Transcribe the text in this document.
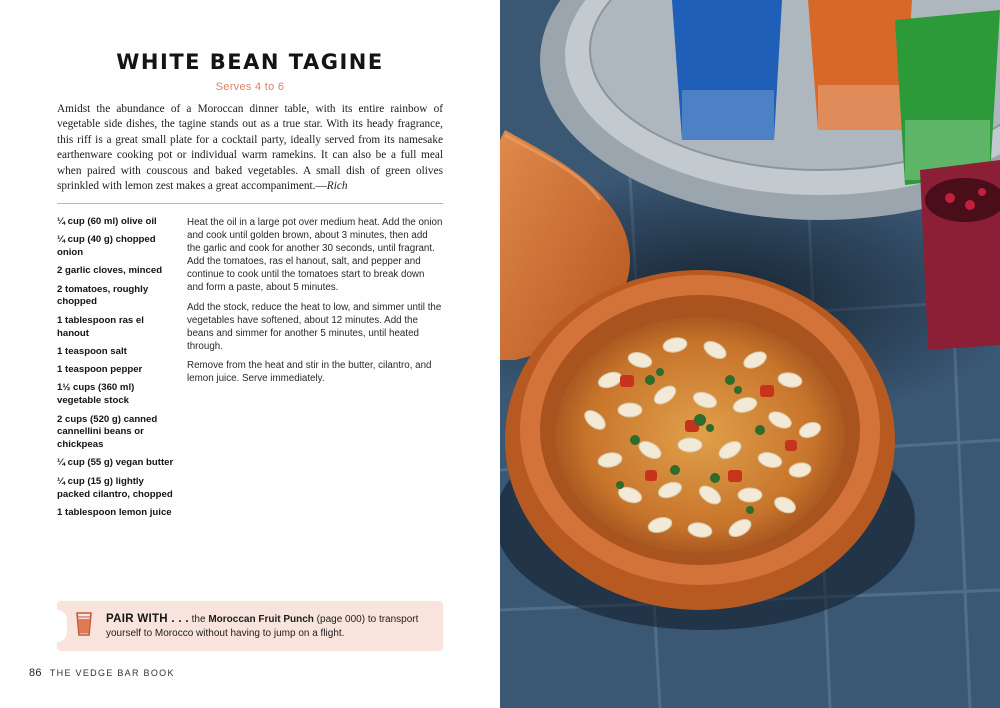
WHITE BEAN TAGINE
Serves 4 to 6

Amidst the abundance of a Moroccan dinner table, with its entire rainbow of vegetable side dishes, the tagine stands out as a true star. With its heady fragrance, this riff is a great small plate for a cocktail party, ideally served from its namesake earthenware cooking pot or individual warm ramekins. It can also be a full meal when paired with couscous and baked vegetables. A small dish of green olives sprinkled with lemon zest makes a great accompaniment.—Rich

¼ cup (60 ml) olive oil
¼ cup (40 g) chopped onion
2 garlic cloves, minced
2 tomatoes, roughly chopped
1 tablespoon ras el hanout
1 teaspoon salt
1 teaspoon pepper
1½ cups (360 ml) vegetable stock
2 cups (520 g) canned cannellini beans or chickpeas
¼ cup (55 g) vegan butter
¼ cup (15 g) lightly packed cilantro, chopped
1 tablespoon lemon juice

Heat the oil in a large pot over medium heat. Add the onion and cook until golden brown, about 3 minutes, then add the garlic and cook for another 30 seconds, until fragrant. Add the tomatoes, ras el hanout, salt, and pepper and continue to cook until the tomatoes start to break down and form a paste, about 5 minutes.

Add the stock, reduce the heat to low, and simmer until the vegetables have softened, about 12 minutes. Add the beans and simmer for another 5 minutes, until heated through.

Remove from the heat and stir in the butter, cilantro, and lemon juice. Serve immediately.

PAIR WITH . . . the Moroccan Fruit Punch (page 000) to transport yourself to Morocco without having to jump on a flight.
86 THE VEDGE BAR BOOK
